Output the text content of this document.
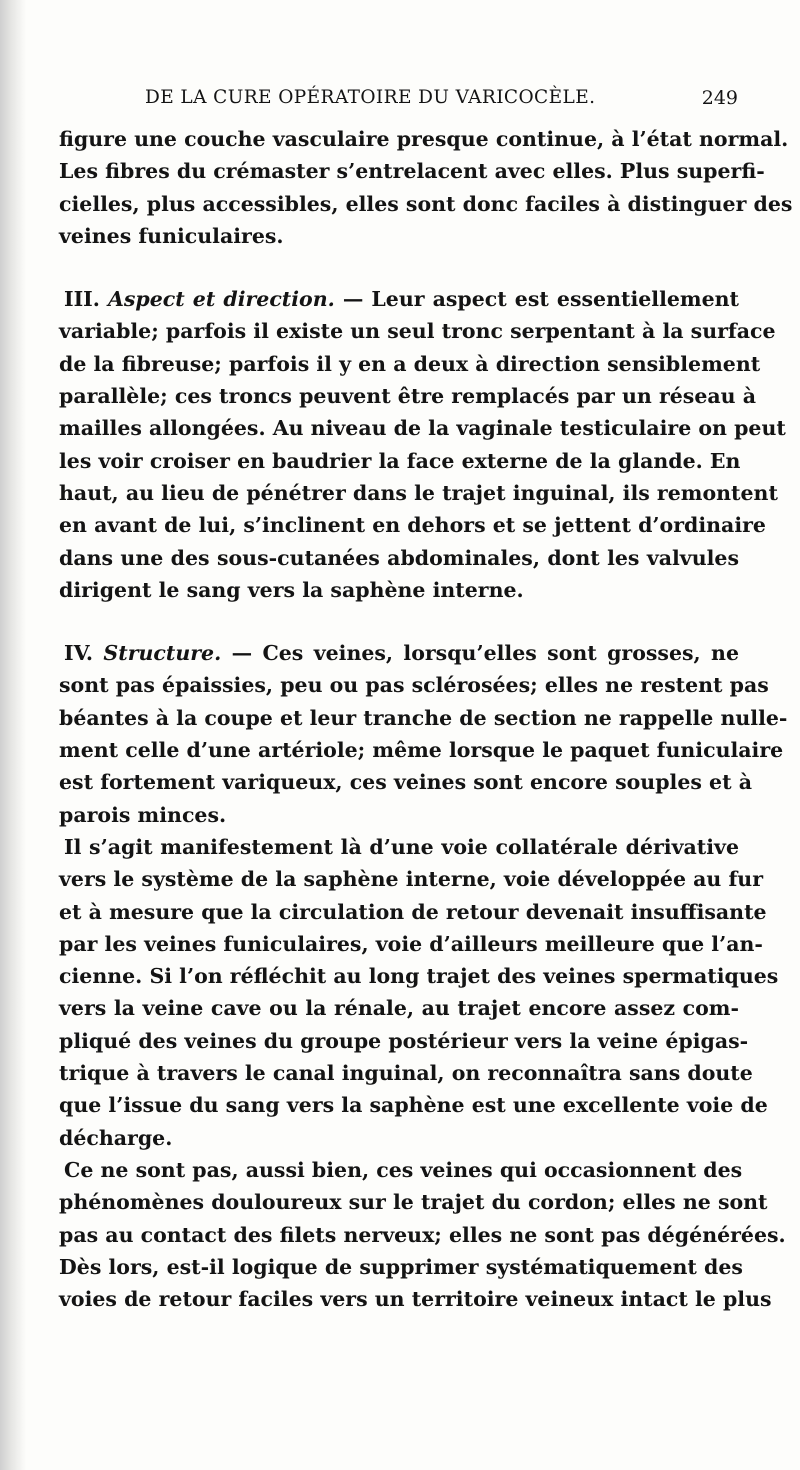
DE LA CURE OPÉRATOIRE DU VARICOCÈLE.	249
figure une couche vasculaire presque continue, à l’état normal.
Les fibres du crémaster s’entrelacent avec elles. Plus superfi-
cielles, plus accessibles, elles sont donc faciles à distinguer des
veines funiculaires.
III. Aspect et direction. — Leur aspect est essentiellement
variable; parfois il existe un seul tronc serpentant à la surface
de la fibreuse; parfois il y en a deux à direction sensiblement
parallèle; ces troncs peuvent être remplacés par un réseau à
mailles allongées. Au niveau de la vaginale testiculaire on peut
les voir croiser en baudrier la face externe de la glande. En
haut, au lieu de pénétrer dans le trajet inguinal, ils remontent
en avant de lui, s’inclinent en dehors et se jettent d’ordinaire
dans une des sous-cutanées abdominales, dont les valvules
dirigent le sang vers la saphène interne.
IV. Structure. — Ces veines, lorsqu’elles sont grosses, ne
sont pas épaissies, peu ou pas sclérosées; elles ne restent pas
béantes à la coupe et leur tranche de section ne rappelle nulle-
ment celle d’une artériole; même lorsque le paquet funiculaire
est fortement variqueux, ces veines sont encore souples et à
parois minces.
Il s’agit manifestement là d’une voie collatérale dérivative
vers le système de la saphène interne, voie développée au fur
et à mesure que la circulation de retour devenait insuffisante
par les veines funiculaires, voie d’ailleurs meilleure que l’an-
cienne. Si l’on réfléchit au long trajet des veines spermatiques
vers la veine cave ou la rénale, au trajet encore assez com-
pliqué des veines du groupe postérieur vers la veine épigas-
trique à travers le canal inguinal, on reconnaîtra sans doute
que l’issue du sang vers la saphène est une excellente voie de
décharge.
Ce ne sont pas, aussi bien, ces veines qui occasionnent des
phénomènes douloureux sur le trajet du cordon; elles ne sont
pas au contact des filets nerveux; elles ne sont pas dégénérées.
Dès lors, est-il logique de supprimer systématiquement des
voies de retour faciles vers un territoire veineux intact le plus
